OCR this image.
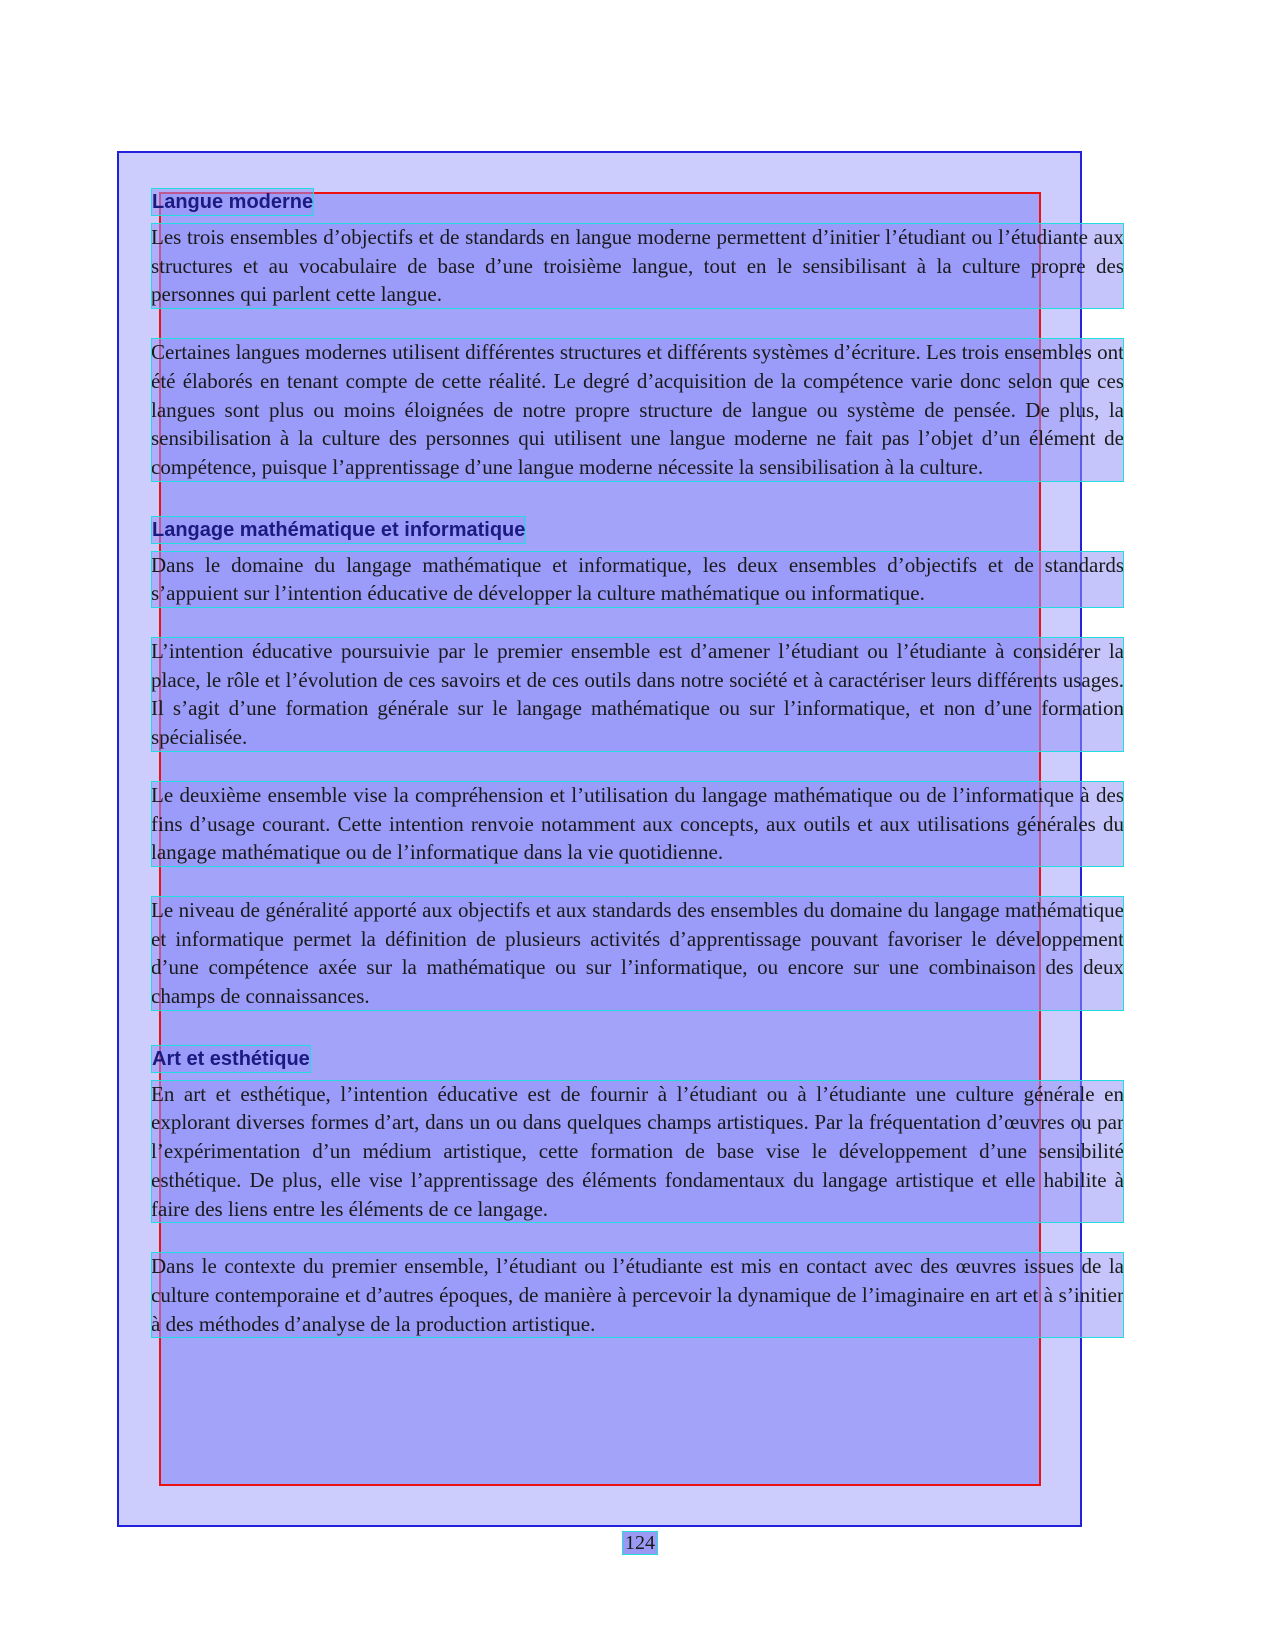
Langue moderne

Les trois ensembles d’objectifs et de standards en langue moderne permettent d’initier l’étudiant ou l’étudiante aux structures et au vocabulaire de base d’une troisième langue, tout en le sensibilisant à la culture propre des personnes qui parlent cette langue.

Certaines langues modernes utilisent différentes structures et différents systèmes d’écriture. Les trois ensembles ont été élaborés en tenant compte de cette réalité. Le degré d’acquisition de la compétence varie donc selon que ces langues sont plus ou moins éloignées de notre propre structure de langue ou système de pensée. De plus, la sensibilisation à la culture des personnes qui utilisent une langue moderne ne fait pas l’objet d’un élément de compétence, puisque l’apprentissage d’une langue moderne nécessite la sensibilisation à la culture.

Langage mathématique et informatique

Dans le domaine du langage mathématique et informatique, les deux ensembles d’objectifs et de standards s’appuient sur l’intention éducative de développer la culture mathématique ou informatique.

L’intention éducative poursuivie par le premier ensemble est d’amener l’étudiant ou l’étudiante à considérer la place, le rôle et l’évolution de ces savoirs et de ces outils dans notre société et à caractériser leurs différents usages. Il s’agit d’une formation générale sur le langage mathématique ou sur l’informatique, et non d’une formation spécialisée.

Le deuxième ensemble vise la compréhension et l’utilisation du langage mathématique ou de l’informatique à des fins d’usage courant. Cette intention renvoie notamment aux concepts, aux outils et aux utilisations générales du langage mathématique ou de l’informatique dans la vie quotidienne.

Le niveau de généralité apporté aux objectifs et aux standards des ensembles du domaine du langage mathématique et informatique permet la définition de plusieurs activités d’apprentissage pouvant favoriser le développement d’une compétence axée sur la mathématique ou sur l’informatique, ou encore sur une combinaison des deux champs de connaissances.

Art et esthétique

En art et esthétique, l’intention éducative est de fournir à l’étudiant ou à l’étudiante une culture générale en explorant diverses formes d’art, dans un ou dans quelques champs artistiques. Par la fréquentation d’œuvres ou par l’expérimentation d’un médium artistique, cette formation de base vise le développement d’une sensibilité esthétique. De plus, elle vise l’apprentissage des éléments fondamentaux du langage artistique et elle habilite à faire des liens entre les éléments de ce langage.

Dans le contexte du premier ensemble, l’étudiant ou l’étudiante est mis en contact avec des œuvres issues de la culture contemporaine et d’autres époques, de manière à percevoir la dynamique de l’imaginaire en art et à s’initier à des méthodes d’analyse de la production artistique.

124
